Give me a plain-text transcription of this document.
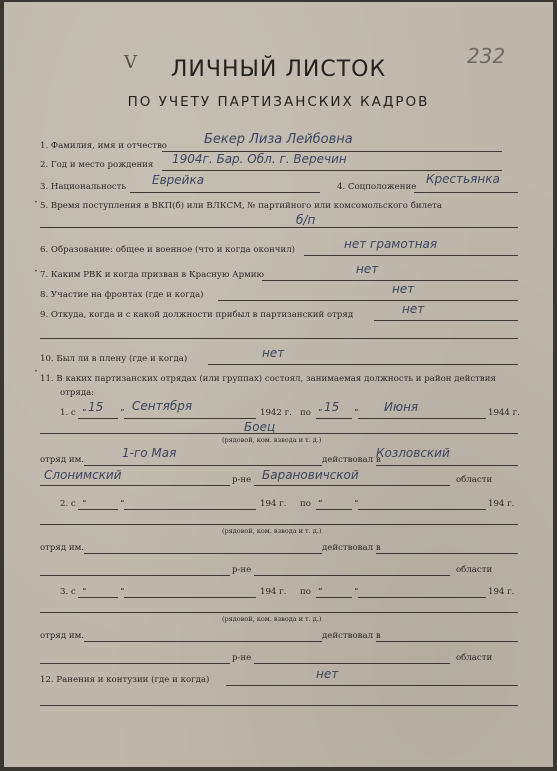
V	232
ЛИЧНЫЙ ЛИСТОК
ПО УЧЕТУ ПАРТИЗАНСКИХ КАДРОВ
1. Фамилия, имя и отчество	Бекер Лиза Лейбовна
2. Год и место рождения 1904г. Бар. Обл. г. Веречин
3. Национальность Еврейка	4. Соцположение
Крестьянка
· 5. Время поступления в ВКП(б) или ВЛКСМ, № партийного или комсомольского билета
б/п
6. Образование: общее и военное (что и когда окончил)	нет грамотная
· 7. Каким РВК и когда призван в Красную Армию	нет
8. Участие на фронтах (где и когда)	нет
9. Откуда, когда и с какой должности прибыл в партизанский отряд	нет
10. Был ли в плену (где и когда)	нет
·
11. В каких партизанских отрядах (или группах) состоял, занимаемая должность и район действия
отряда:
1. с “ 15 “ Сентября	1942 г. по “ 15 “ Июня	1944 г.
Боец
(рядовой, ком. взвода и т. д.)
отряд им.	1-го Мая	действовал в
Козловский
Слонимский	р-не Барановичской	области
2. с “	“	194 г. по “	“	194 г.
(рядовой, ком. взвода и т. д.)
отряд им.	действовал в
р-не	области
3. с “	“	194 г. по “	“	194 г.
(рядовой, ком. взвода и т. д.)
отряд им.	действовал в
р-не	области
12. Ранения и контузии (где и когда)	нет
